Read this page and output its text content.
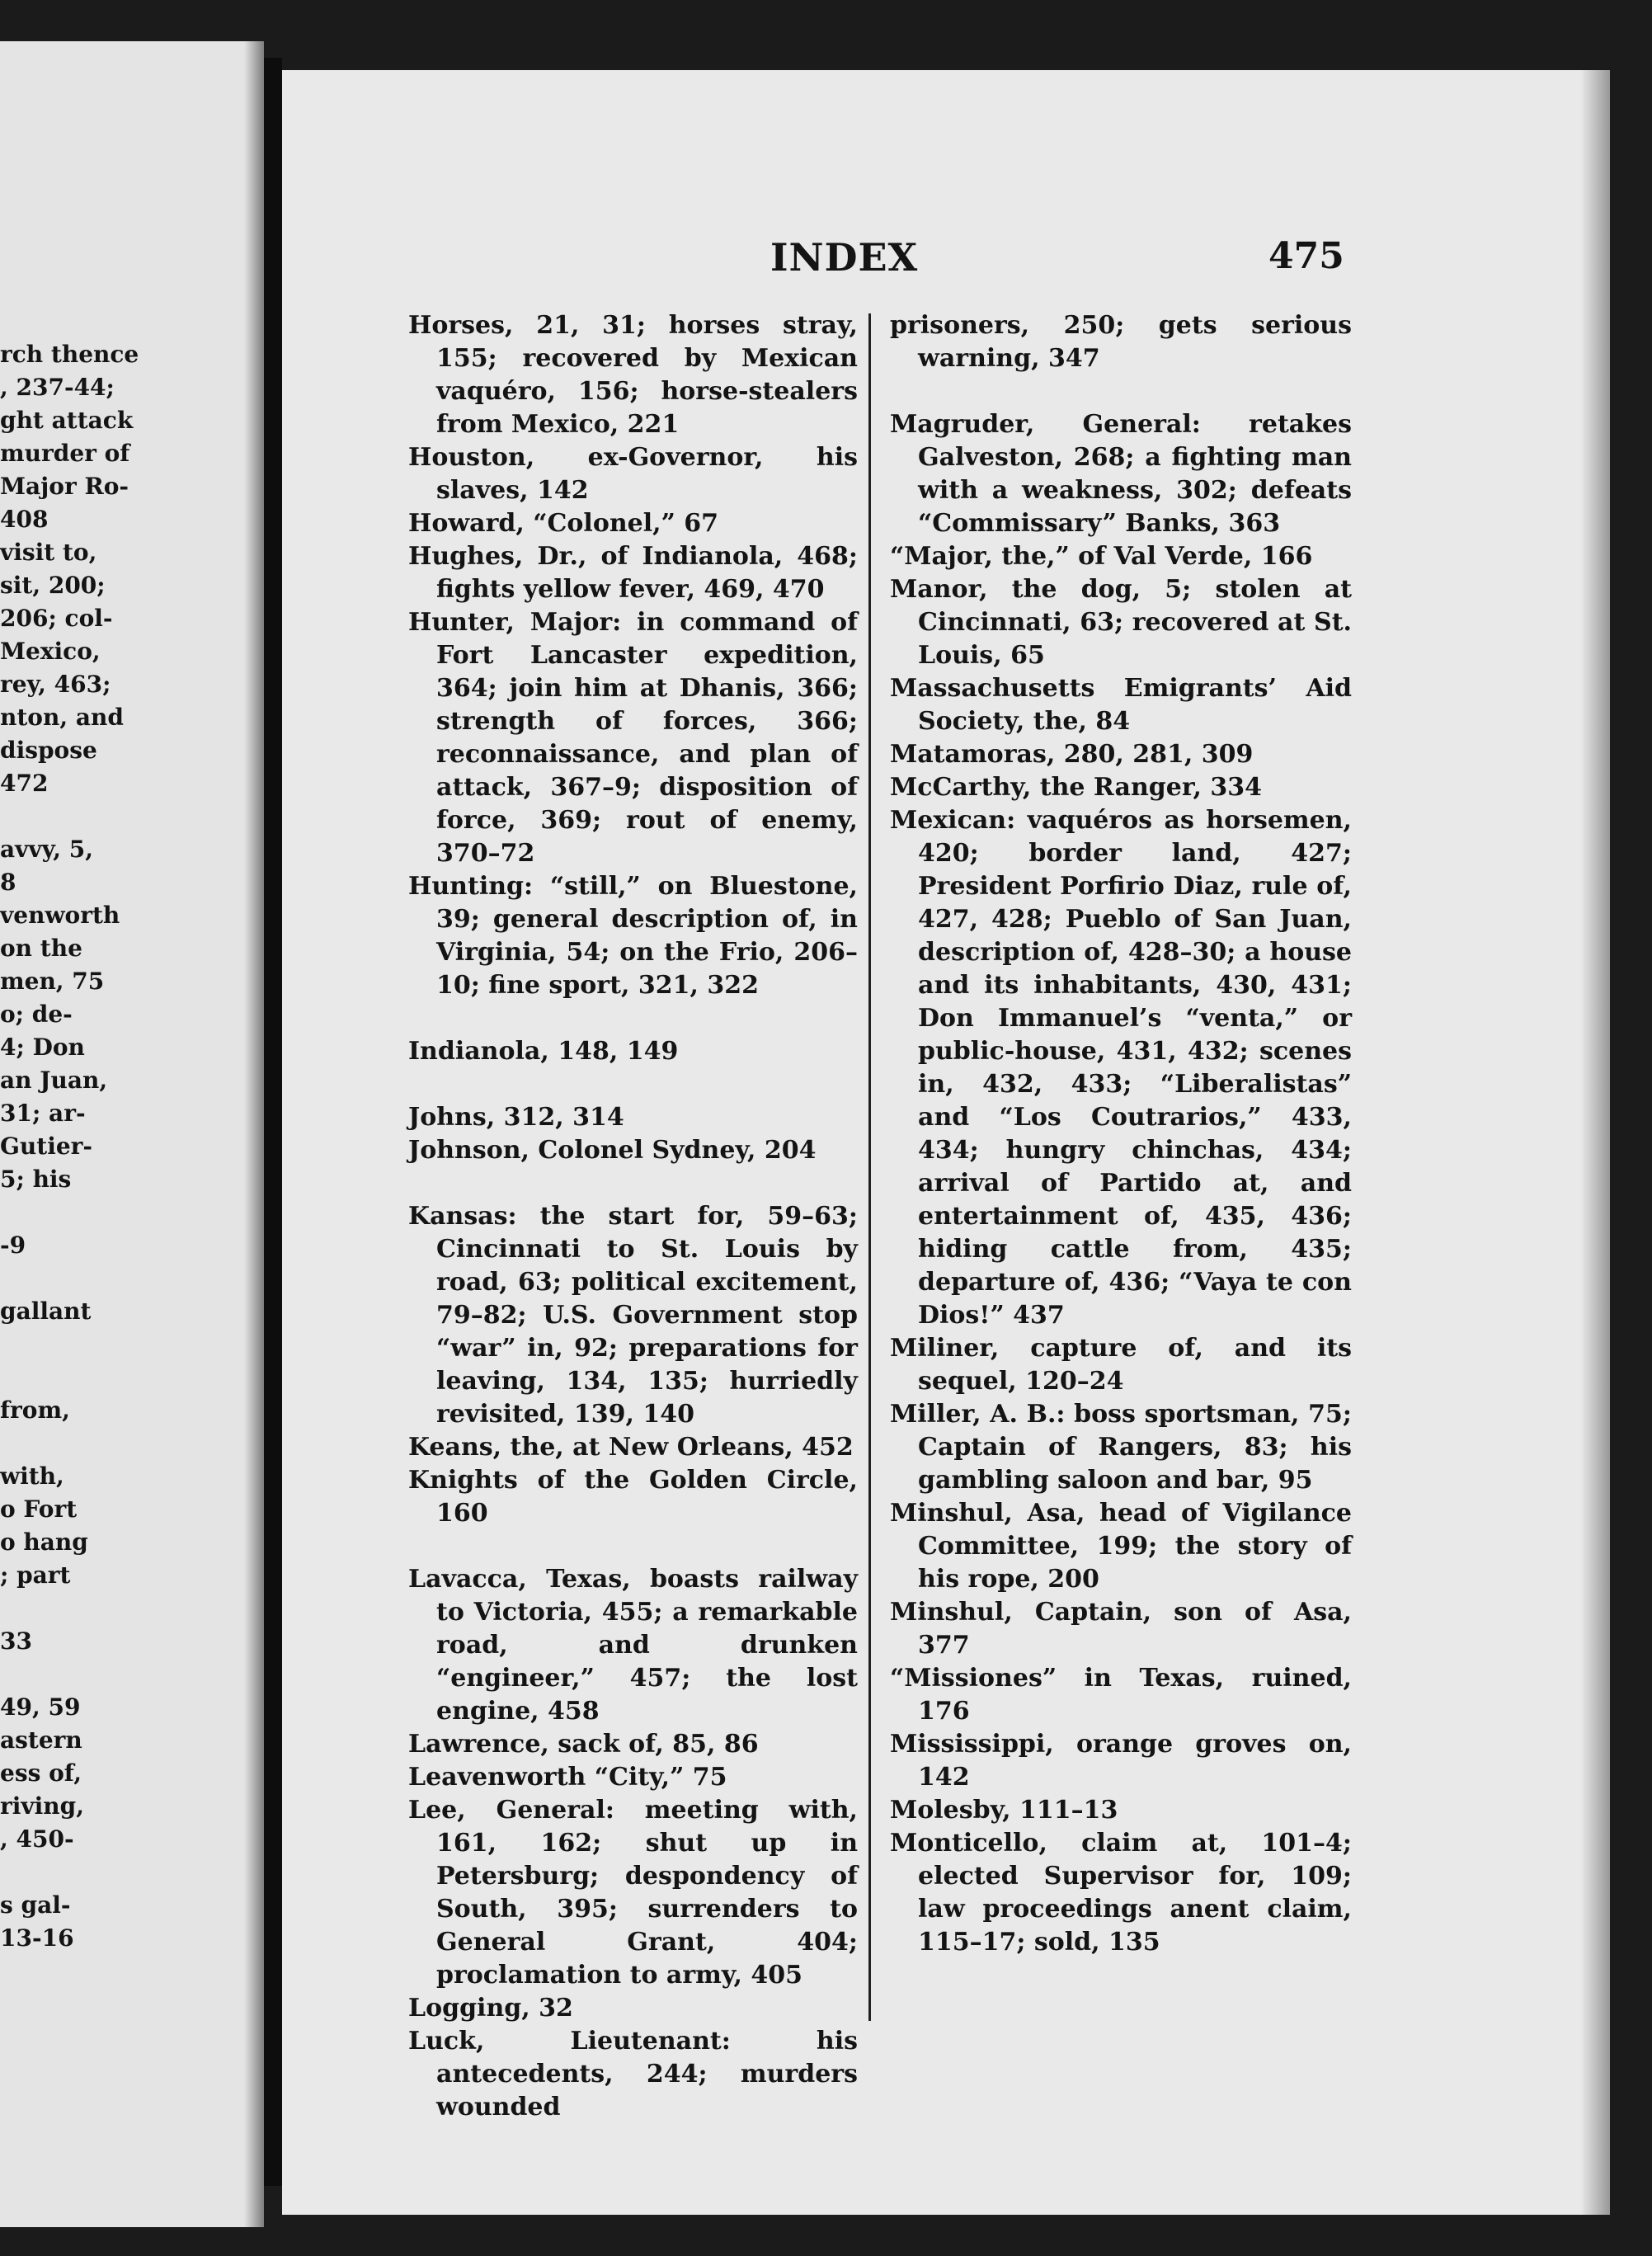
rch thence
, 237-44;
ght attack
murder of
Major Ro-
408
visit to,
sit, 200;
206; col-
Mexico,
rey, 463;
nton, and
dispose
472
avvy, 5,
8
venworth
on the
men, 75
o; de-
4; Don
an Juan,
31; ar-
Gutier-
5; his
-9
gallant
from,
with,
o Fort
o hang
; part
33
49, 59
astern
ess of,
riving,
, 450-
s gal-
13-16
INDEX	475
Horses, 21, 31; horses stray, 155; recovered by Mexican vaquéro, 156; horse-stealers from Mexico, 221
Houston, ex-Governor, his slaves, 142
Howard, “Colonel,” 67
Hughes, Dr., of Indianola, 468; fights yellow fever, 469, 470
Hunter, Major: in command of Fort Lancaster expedition, 364; join him at Dhanis, 366; strength of forces, 366; reconnaissance, and plan of attack, 367–9; disposition of force, 369; rout of enemy, 370–72
Hunting: “still,” on Bluestone, 39; general description of, in Virginia, 54; on the Frio, 206–10; fine sport, 321, 322
Indianola, 148, 149
Johns, 312, 314
Johnson, Colonel Sydney, 204
Kansas: the start for, 59–63; Cincinnati to St. Louis by road, 63; political excitement, 79–82; U.S. Government stop “war” in, 92; preparations for leaving, 134, 135; hurriedly revisited, 139, 140
Keans, the, at New Orleans, 452
Knights of the Golden Circle, 160
Lavacca, Texas, boasts railway to Victoria, 455; a remarkable road, and drunken “engineer,” 457; the lost engine, 458
Lawrence, sack of, 85, 86
Leavenworth “City,” 75
Lee, General: meeting with, 161, 162; shut up in Petersburg; despondency of South, 395; surrenders to General Grant, 404; proclamation to army, 405
Logging, 32
Luck, Lieutenant: his antecedents, 244; murders wounded
prisoners, 250; gets serious warning, 347
Magruder, General: retakes Galveston, 268; a fighting man with a weakness, 302; defeats “Commissary” Banks, 363
“Major, the,” of Val Verde, 166
Manor, the dog, 5; stolen at Cincinnati, 63; recovered at St. Louis, 65
Massachusetts Emigrants’ Aid Society, the, 84
Matamoras, 280, 281, 309
McCarthy, the Ranger, 334
Mexican: vaquéros as horsemen, 420; border land, 427; President Porfirio Diaz, rule of, 427, 428; Pueblo of San Juan, description of, 428–30; a house and its inhabitants, 430, 431; Don Immanuel’s “venta,” or public-house, 431, 432; scenes in, 432, 433; “Liberalistas” and “Los Coutrarios,” 433, 434; hungry chinchas, 434; arrival of Partido at, and entertainment of, 435, 436; hiding cattle from, 435; departure of, 436; “Vaya te con Dios!” 437
Miliner, capture of, and its sequel, 120–24
Miller, A. B.: boss sportsman, 75; Captain of Rangers, 83; his gambling saloon and bar, 95
Minshul, Asa, head of Vigilance Committee, 199; the story of his rope, 200
Minshul, Captain, son of Asa, 377
“Missiones” in Texas, ruined, 176
Mississippi, orange groves on, 142
Molesby, 111–13
Monticello, claim at, 101–4; elected Supervisor for, 109; law proceedings anent claim, 115–17; sold, 135
